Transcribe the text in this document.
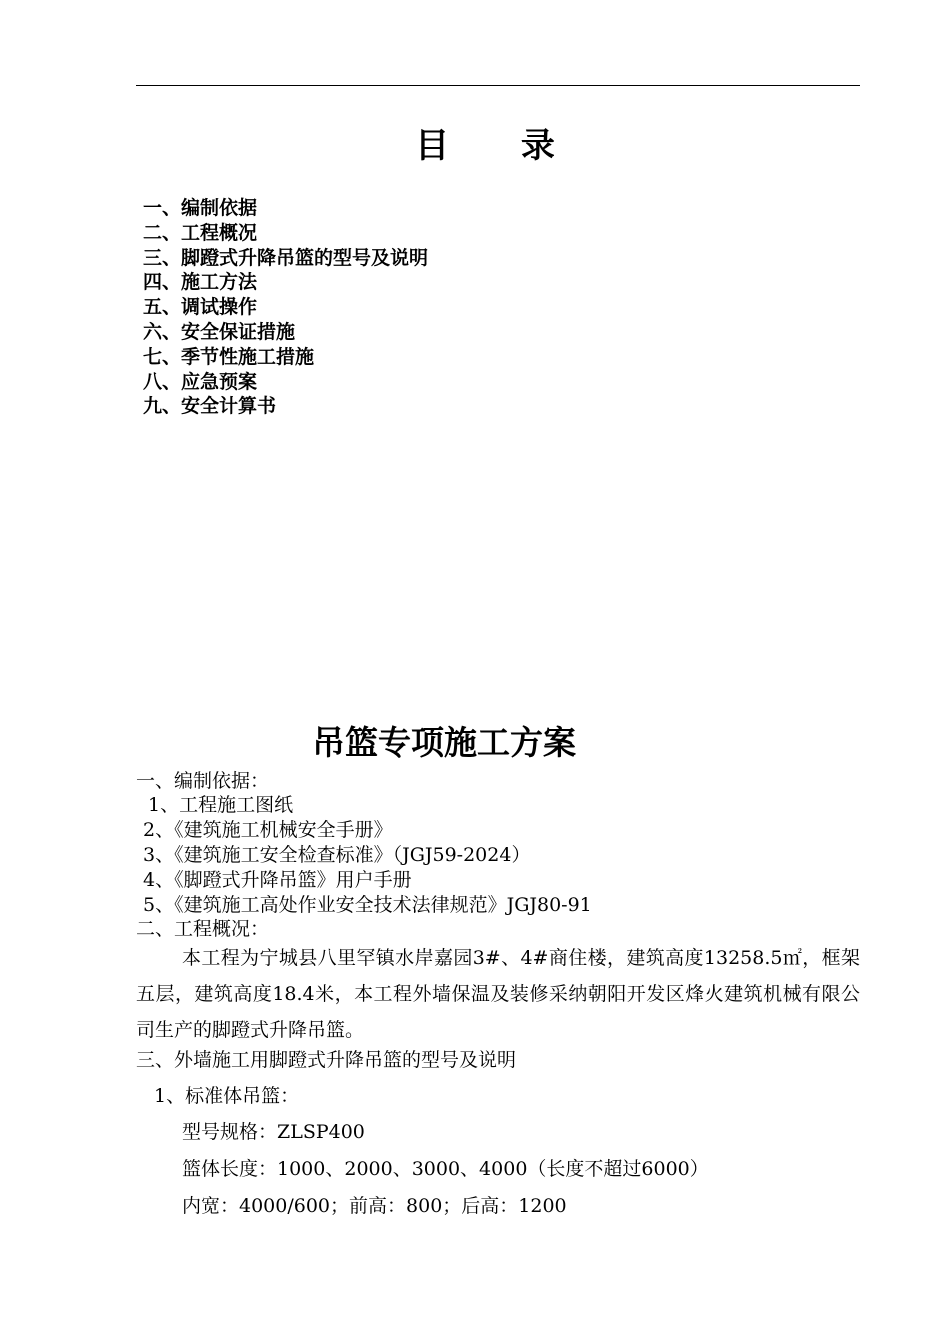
目 录
一、编制依据
二、工程概况
三、脚蹬式升降吊篮的型号及说明
四、施工方法
五、调试操作
六、安全保证措施
七、季节性施工措施
八、应急预案
九、安全计算书
吊篮专项施工方案
一、编制依据：
1、工程施工图纸
2、《建筑施工机械安全手册》
3、《建筑施工安全检查标准》（JGJ59-2024）
4、《脚蹬式升降吊篮》用户手册
5、《建筑施工高处作业安全技术法律规范》JGJ80-91
二、工程概况：
本工程为宁城县八里罕镇水岸嘉园3#、4#商住楼，建筑高度13258.5㎡，框架五层，建筑高度18.4米，本工程外墙保温及装修采纳朝阳开发区烽火建筑机械有限公司生产的脚蹬式升降吊篮。
三、外墙施工用脚蹬式升降吊篮的型号及说明
1、标准体吊篮：
型号规格：ZLSP400
篮体长度：1000、2000、3000、4000（长度不超过6000）
内宽：4000/600；前高：800；后高：1200
